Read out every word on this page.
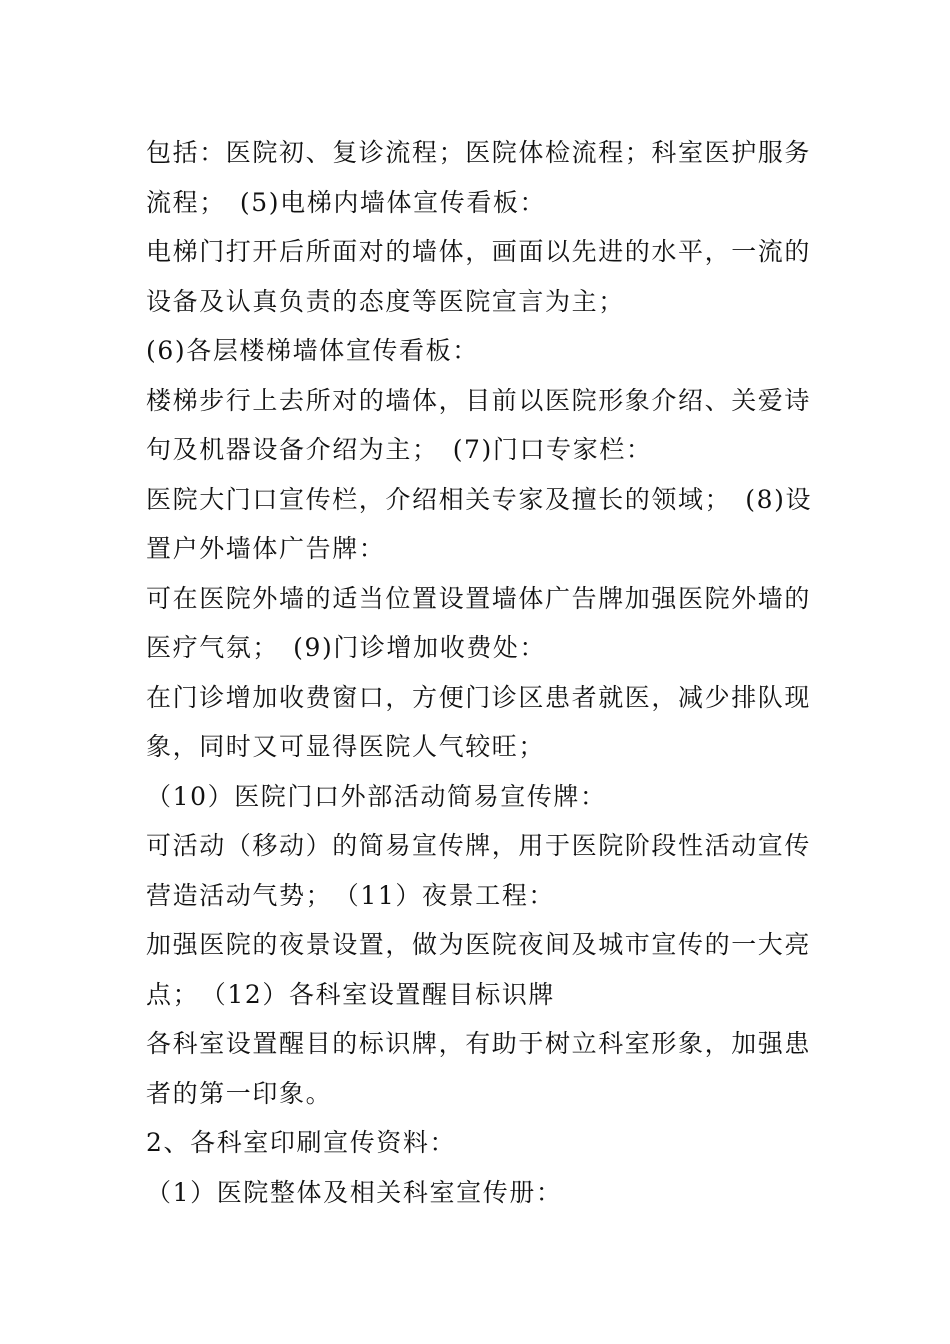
包括：医院初、复诊流程；医院体检流程；科室医护服务
流程；　(5)电梯内墙体宣传看板：
电梯门打开后所面对的墙体，画面以先进的水平，一流的
设备及认真负责的态度等医院宣言为主；
(6)各层楼梯墙体宣传看板：
楼梯步行上去所对的墙体，目前以医院形象介绍、关爱诗
句及机器设备介绍为主；　(7)门口专家栏：
医院大门口宣传栏，介绍相关专家及擅长的领域；　(8)设
置户外墙体广告牌：
可在医院外墙的适当位置设置墙体广告牌加强医院外墙的
医疗气氛；　(9)门诊增加收费处：
在门诊增加收费窗口，方便门诊区患者就医，减少排队现
象，同时又可显得医院人气较旺；
（10）医院门口外部活动简易宣传牌：
可活动（移动）的简易宣传牌，用于医院阶段性活动宣传
营造活动气势；　（11）夜景工程：
加强医院的夜景设置，做为医院夜间及城市宣传的一大亮
点；　（12）各科室设置醒目标识牌
各科室设置醒目的标识牌，有助于树立科室形象，加强患
者的第一印象。
2、各科室印刷宣传资料：
（1）医院整体及相关科室宣传册：
